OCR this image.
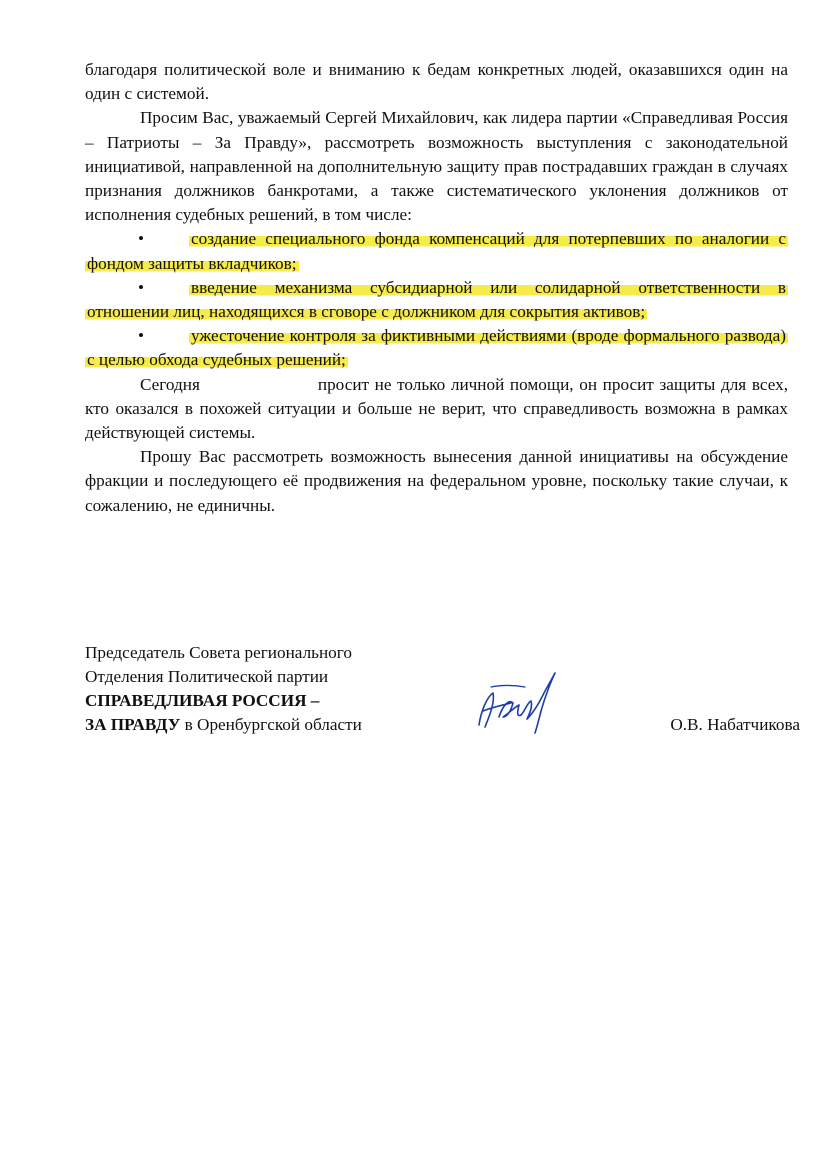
благодаря политической воле и вниманию к бедам конкретных людей, оказавшихся один на один с системой.

Просим Вас, уважаемый Сергей Михайлович, как лидера партии «Справедливая Россия – Патриоты – За Правду», рассмотреть возможность выступления с законодательной инициативой, направленной на дополнительную защиту прав пострадавших граждан в случаях признания должников банкротами, а также систематического уклонения должников от исполнения судебных решений, в том числе:

•	создание специального фонда компенсаций для потерпевших по аналогии с фондом защиты вкладчиков;

•	введение механизма субсидиарной или солидарной ответственности в отношении лиц, находящихся в сговоре с должником для сокрытия активов;

•	ужесточение контроля за фиктивными действиями (вроде формального развода) с целью обхода судебных решений;

Сегодня	просит не только личной помощи, он просит защиты для всех, кто оказался в похожей ситуации и больше не верит, что справедливость возможна в рамках действующей системы.

Прошу Вас рассмотреть возможность вынесения данной инициативы на обсуждение фракции и последующего её продвижения на федеральном уровне, поскольку такие случаи, к сожалению, не единичны.

Председатель Совета регионального
Отделения Политической партии
СПРАВЕДЛИВАЯ РОССИЯ –
ЗА ПРАВДУ в Оренбургской области	О.В. Набатчикова
